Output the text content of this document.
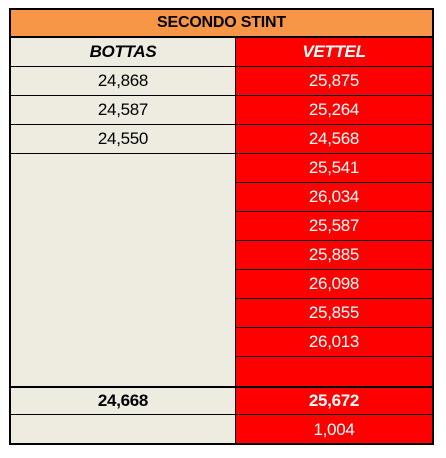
SECONDO STINT
BOTTAS
24,868
24,587
24,550
24,668
VETTEL
25,875
25,264
24,568
25,541
26,034
25,587
25,885
26,098
25,855
26,013
25,672
1,004
